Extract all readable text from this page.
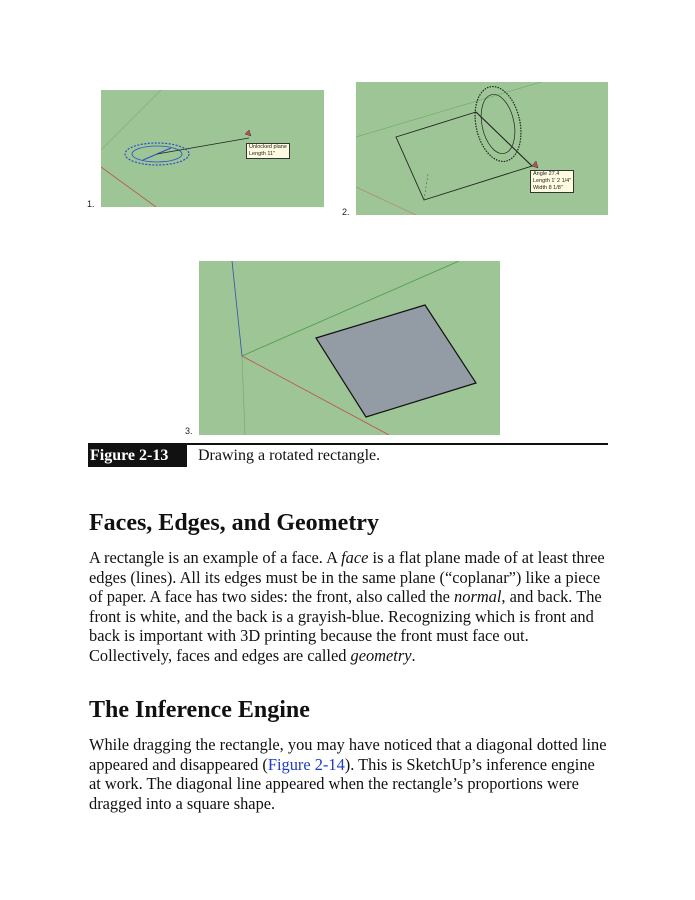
Unlocked plane
Length 11"
1.
Angle 27.4
Length 1' 2 1/4"
Width 8 1/8"
2.
3.
Figure 2-13	Drawing a rotated rectangle.
Faces, Edges, and Geometry

A rectangle is an example of a face. A face is a flat plane made of at least three edges (lines). All its edges must be in the same plane (“coplanar”) like a piece of paper. A face has two sides: the front, also called the normal, and back. The front is white, and the back is a grayish-blue. Recognizing which is front and back is important with 3D printing because the front must face out. Collectively, faces and edges are called geometry.

The Inference Engine

While dragging the rectangle, you may have noticed that a diagonal dotted line appeared and disappeared (Figure 2-14). This is SketchUp’s inference engine at work. The diagonal line appeared when the rectangle’s proportions were dragged into a square shape.
